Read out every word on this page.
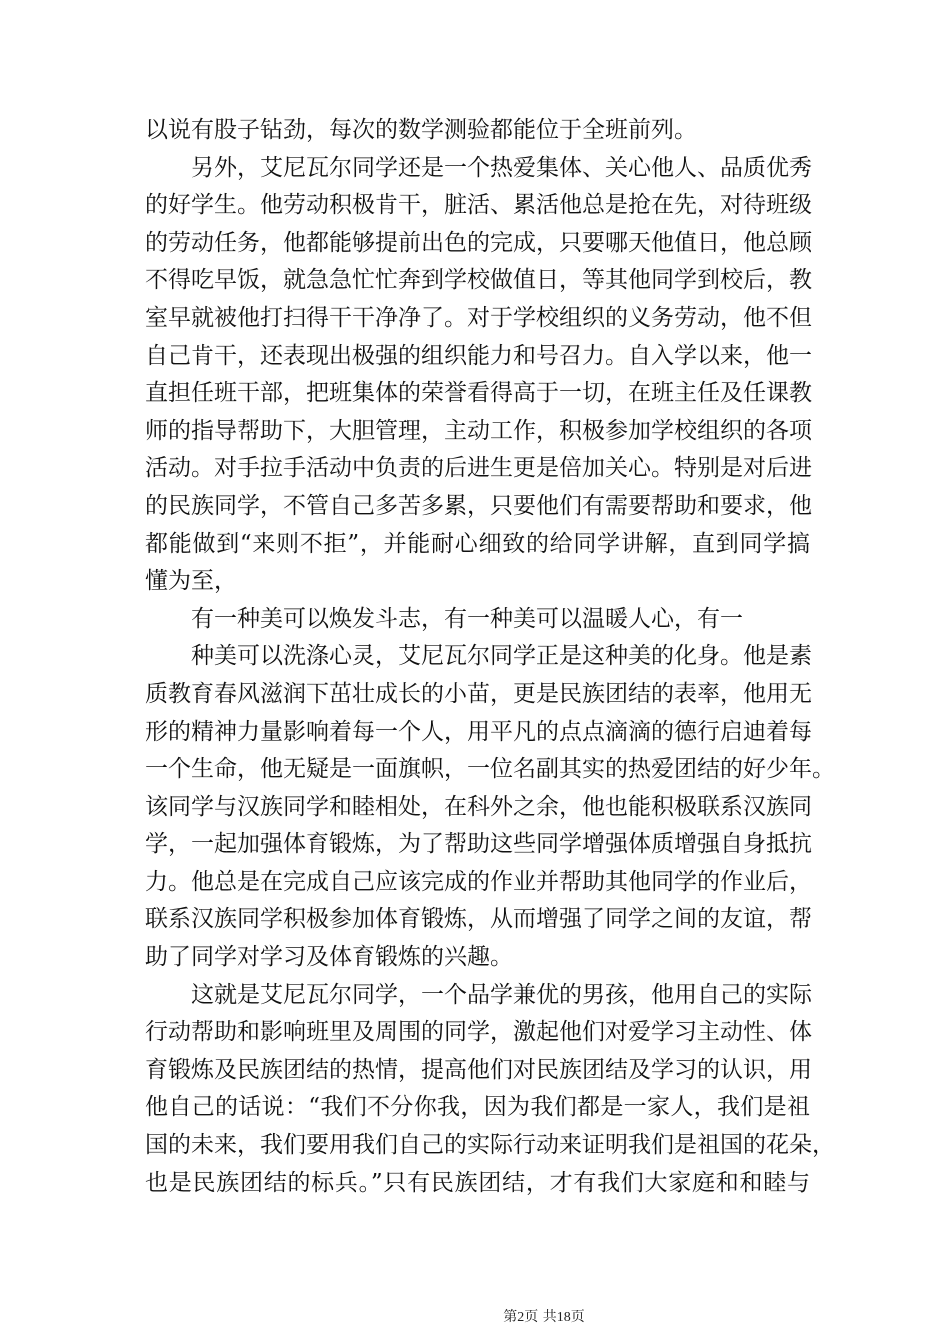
以说有股子钻劲，每次的数学测验都能位于全班前列。
另外，艾尼瓦尔同学还是一个热爱集体、关心他人、品质优秀
的好学生。他劳动积极肯干，脏活、累活他总是抢在先，对待班级
的劳动任务，他都能够提前出色的完成，只要哪天他值日，他总顾
不得吃早饭，就急急忙忙奔到学校做值日，等其他同学到校后，教
室早就被他打扫得干干净净了。对于学校组织的义务劳动，他不但
自己肯干，还表现出极强的组织能力和号召力。自入学以来，他一
直担任班干部，把班集体的荣誉看得高于一切，在班主任及任课教
师的指导帮助下，大胆管理，主动工作，积极参加学校组织的各项
活动。对手拉手活动中负责的后进生更是倍加关心。特别是对后进
的民族同学，不管自己多苦多累，只要他们有需要帮助和要求，他
都能做到“来则不拒”，并能耐心细致的给同学讲解，直到同学搞
懂为至，
有一种美可以焕发斗志，有一种美可以温暖人心，有一
种美可以洗涤心灵，艾尼瓦尔同学正是这种美的化身。他是素
质教育春风滋润下茁壮成长的小苗，更是民族团结的表率，他用无
形的精神力量影响着每一个人，用平凡的点点滴滴的德行启迪着每
一个生命，他无疑是一面旗帜，一位名副其实的热爱团结的好少年。
该同学与汉族同学和睦相处，在科外之余，他也能积极联系汉族同
学，一起加强体育锻炼，为了帮助这些同学增强体质增强自身抵抗
力。他总是在完成自己应该完成的作业并帮助其他同学的作业后，
联系汉族同学积极参加体育锻炼，从而增强了同学之间的友谊，帮
助了同学对学习及体育锻炼的兴趣。
这就是艾尼瓦尔同学，一个品学兼优的男孩，他用自己的实际
行动帮助和影响班里及周围的同学，激起他们对爱学习主动性、体
育锻炼及民族团结的热情，提高他们对民族团结及学习的认识，用
他自己的话说：“我们不分你我，因为我们都是一家人，我们是祖
国的未来，我们要用我们自己的实际行动来证明我们是祖国的花朵，
也是民族团结的标兵。”只有民族团结，才有我们大家庭和和睦与
第2页 共18页
